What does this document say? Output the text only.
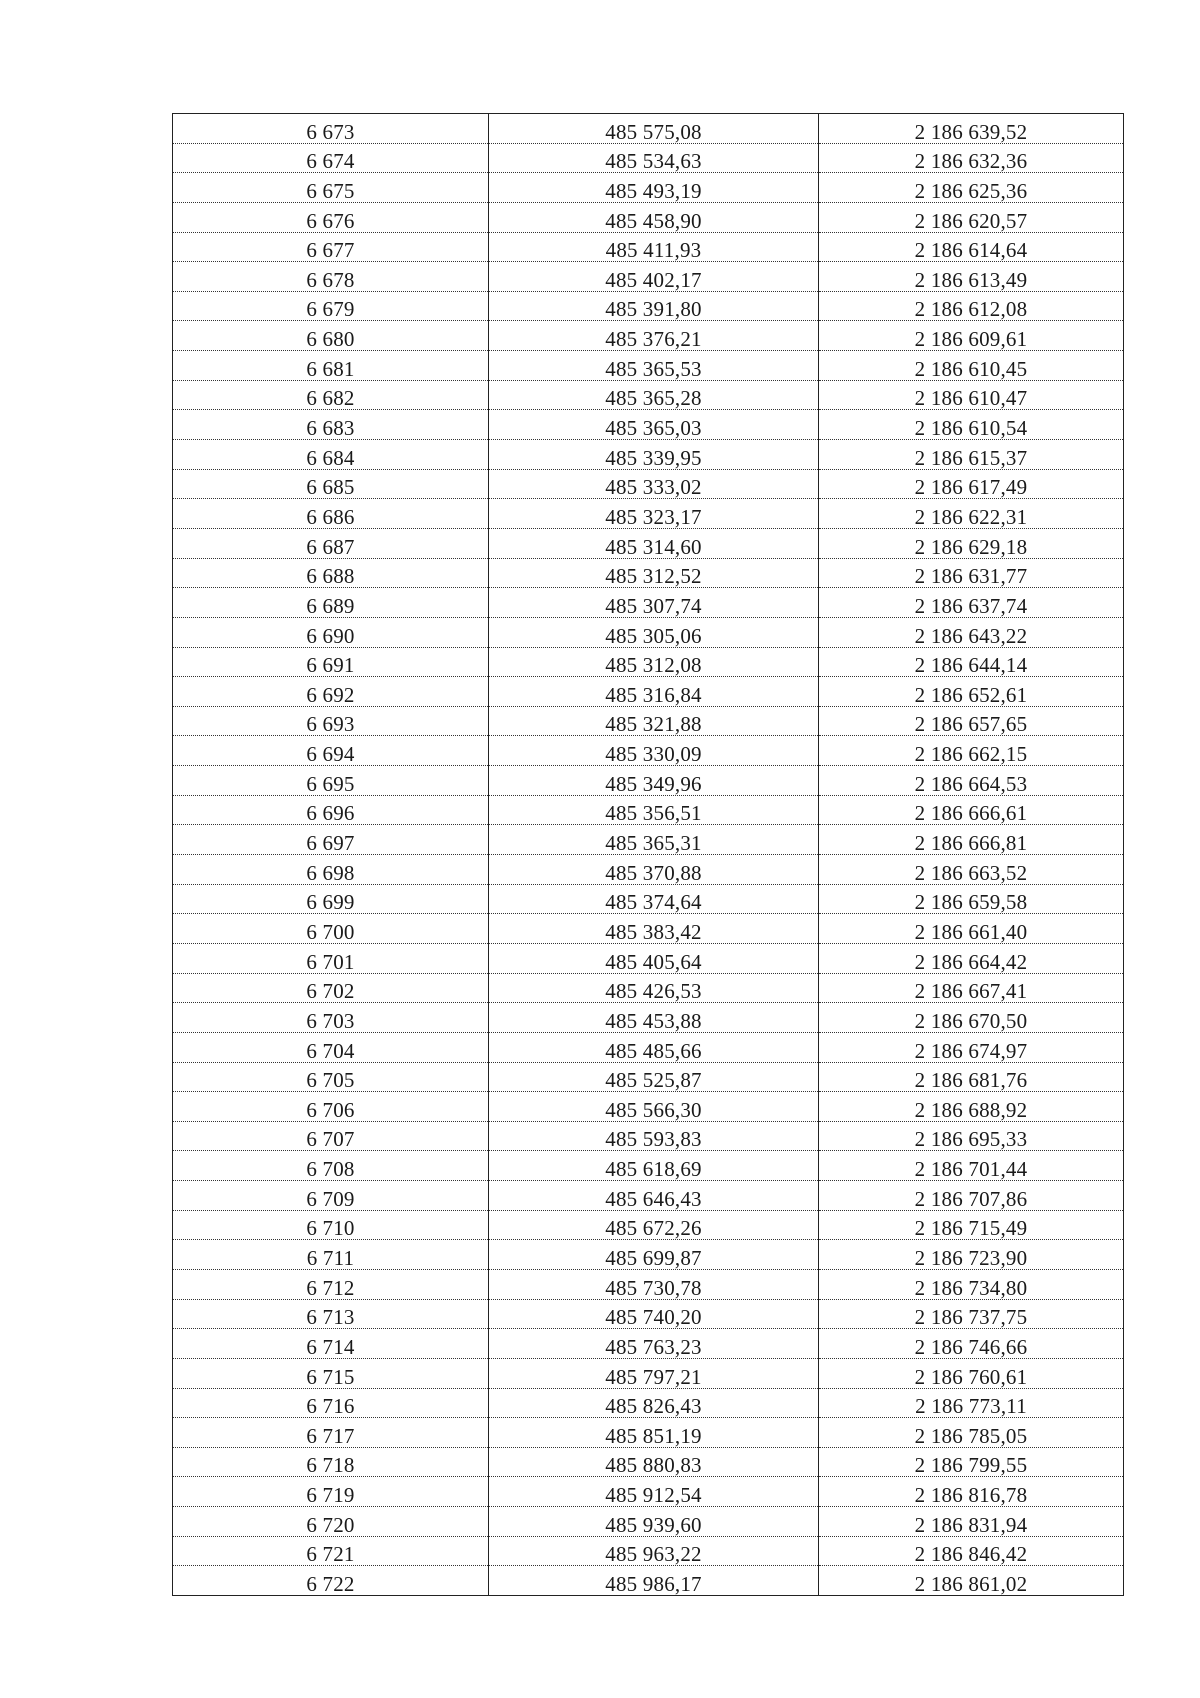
6 673	485 575,08	2 186 639,52
6 674	485 534,63	2 186 632,36
6 675	485 493,19	2 186 625,36
6 676	485 458,90	2 186 620,57
6 677	485 411,93	2 186 614,64
6 678	485 402,17	2 186 613,49
6 679	485 391,80	2 186 612,08
6 680	485 376,21	2 186 609,61
6 681	485 365,53	2 186 610,45
6 682	485 365,28	2 186 610,47
6 683	485 365,03	2 186 610,54
6 684	485 339,95	2 186 615,37
6 685	485 333,02	2 186 617,49
6 686	485 323,17	2 186 622,31
6 687	485 314,60	2 186 629,18
6 688	485 312,52	2 186 631,77
6 689	485 307,74	2 186 637,74
6 690	485 305,06	2 186 643,22
6 691	485 312,08	2 186 644,14
6 692	485 316,84	2 186 652,61
6 693	485 321,88	2 186 657,65
6 694	485 330,09	2 186 662,15
6 695	485 349,96	2 186 664,53
6 696	485 356,51	2 186 666,61
6 697	485 365,31	2 186 666,81
6 698	485 370,88	2 186 663,52
6 699	485 374,64	2 186 659,58
6 700	485 383,42	2 186 661,40
6 701	485 405,64	2 186 664,42
6 702	485 426,53	2 186 667,41
6 703	485 453,88	2 186 670,50
6 704	485 485,66	2 186 674,97
6 705	485 525,87	2 186 681,76
6 706	485 566,30	2 186 688,92
6 707	485 593,83	2 186 695,33
6 708	485 618,69	2 186 701,44
6 709	485 646,43	2 186 707,86
6 710	485 672,26	2 186 715,49
6 711	485 699,87	2 186 723,90
6 712	485 730,78	2 186 734,80
6 713	485 740,20	2 186 737,75
6 714	485 763,23	2 186 746,66
6 715	485 797,21	2 186 760,61
6 716	485 826,43	2 186 773,11
6 717	485 851,19	2 186 785,05
6 718	485 880,83	2 186 799,55
6 719	485 912,54	2 186 816,78
6 720	485 939,60	2 186 831,94
6 721	485 963,22	2 186 846,42
6 722	485 986,17	2 186 861,02
